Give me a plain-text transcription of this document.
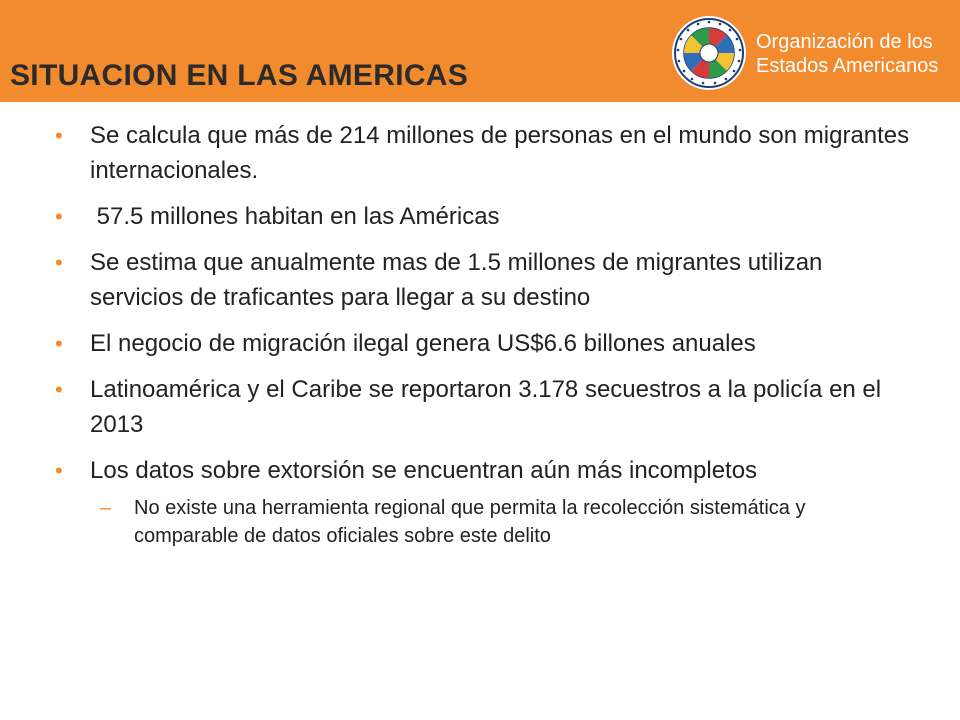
SITUACION EN LAS AMERICAS
Organización de los
Estados Americanos
• Se calcula que más de 214 millones de personas en el mundo son migrantes internacionales.
• 57.5 millones habitan en las Américas
• Se estima que anualmente mas de 1.5 millones de migrantes utilizan servicios de traficantes para llegar a su destino
• El negocio de migración ilegal genera US$6.6 billones anuales
• Latinoamérica y el Caribe se reportaron 3.178 secuestros a la policía en el 2013
• Los datos sobre extorsión se encuentran aún más incompletos
– No existe una herramienta regional que permita la recolección sistemática y comparable de datos oficiales sobre este delito
